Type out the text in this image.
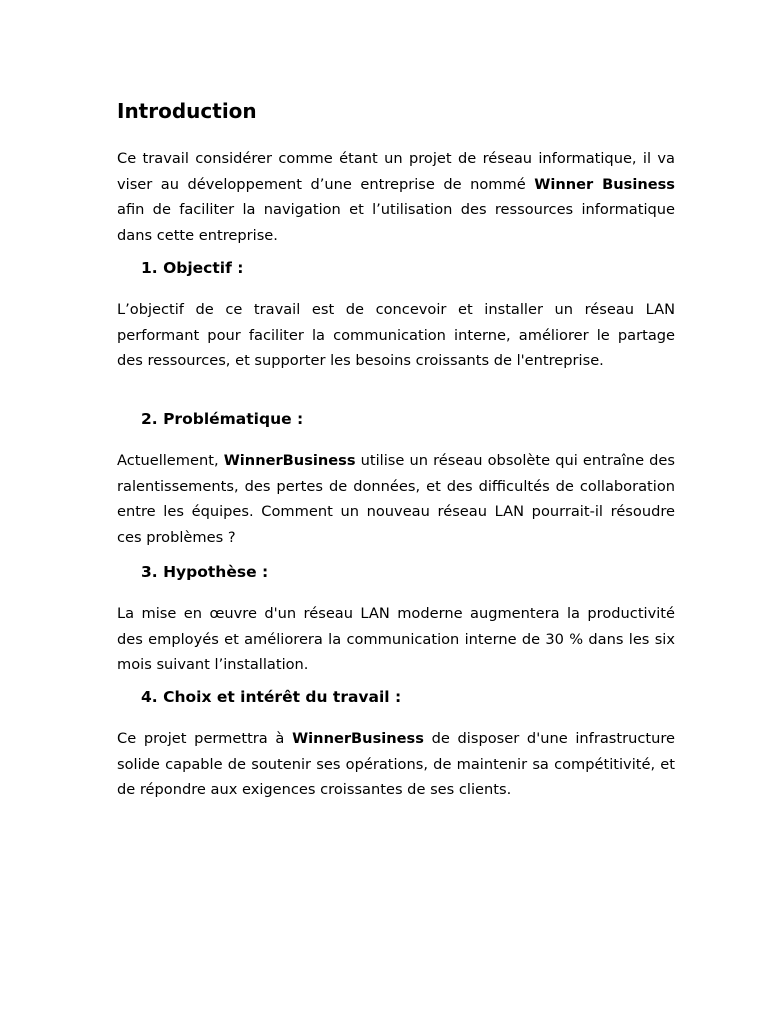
Introduction

Ce travail considérer comme étant un projet de réseau informatique, il va viser au développement d’une entreprise de nommé Winner Business afin de faciliter la navigation et l’utilisation des ressources informatique dans cette entreprise.

1. Objectif :

L’objectif de ce travail est de concevoir et installer un réseau LAN performant pour faciliter la communication interne, améliorer le partage des ressources, et supporter les besoins croissants de l'entreprise.

2. Problématique :

Actuellement, WinnerBusiness utilise un réseau obsolète qui entraîne des ralentissements, des pertes de données, et des difficultés de collaboration entre les équipes. Comment un nouveau réseau LAN pourrait-il résoudre ces problèmes ?

3. Hypothèse :

La mise en œuvre d'un réseau LAN moderne augmentera la productivité des employés et améliorera la communication interne de 30 % dans les six mois suivant l’installation.

4. Choix et intérêt du travail :

Ce projet permettra à WinnerBusiness de disposer d'une infrastructure solide capable de soutenir ses opérations, de maintenir sa compétitivité, et de répondre aux exigences croissantes de ses clients.
